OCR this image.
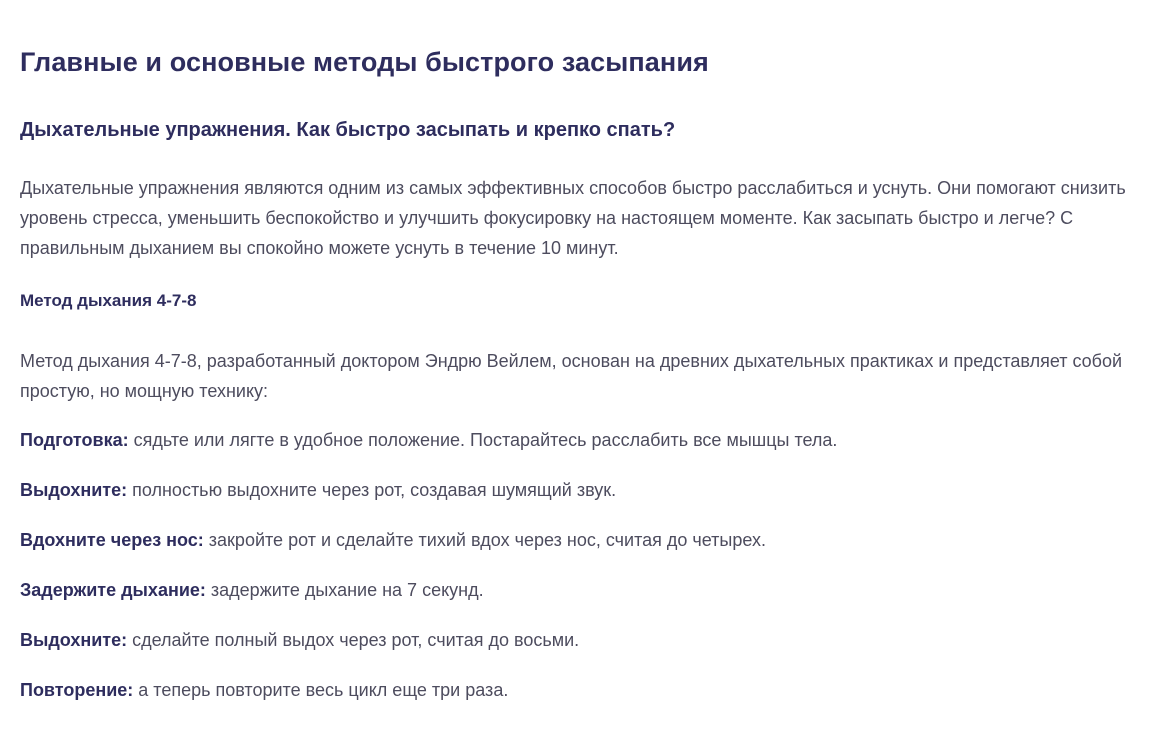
Главные и основные методы быстрого засыпания
Дыхательные упражнения. Как быстро засыпать и крепко спать?

Дыхательные упражнения являются одним из самых эффективных способов быстро расслабиться и уснуть. Они помогают снизить уровень стресса, уменьшить беспокойство и улучшить фокусировку на настоящем моменте. Как засыпать быстро и легче? С правильным дыханием вы спокойно можете уснуть в течение 10 минут.

Метод дыхания 4-7-8

Метод дыхания 4-7-8, разработанный доктором Эндрю Вейлем, основан на древних дыхательных практиках и представляет собой простую, но мощную технику:

Подготовка: сядьте или лягте в удобное положение. Постарайтесь расслабить все мышцы тела.

Выдохните: полностью выдохните через рот, создавая шумящий звук.

Вдохните через нос: закройте рот и сделайте тихий вдох через нос, считая до четырех.

Задержите дыхание: задержите дыхание на 7 секунд.

Выдохните: сделайте полный выдох через рот, считая до восьми.

Повторение: а теперь повторите весь цикл еще три раза.
